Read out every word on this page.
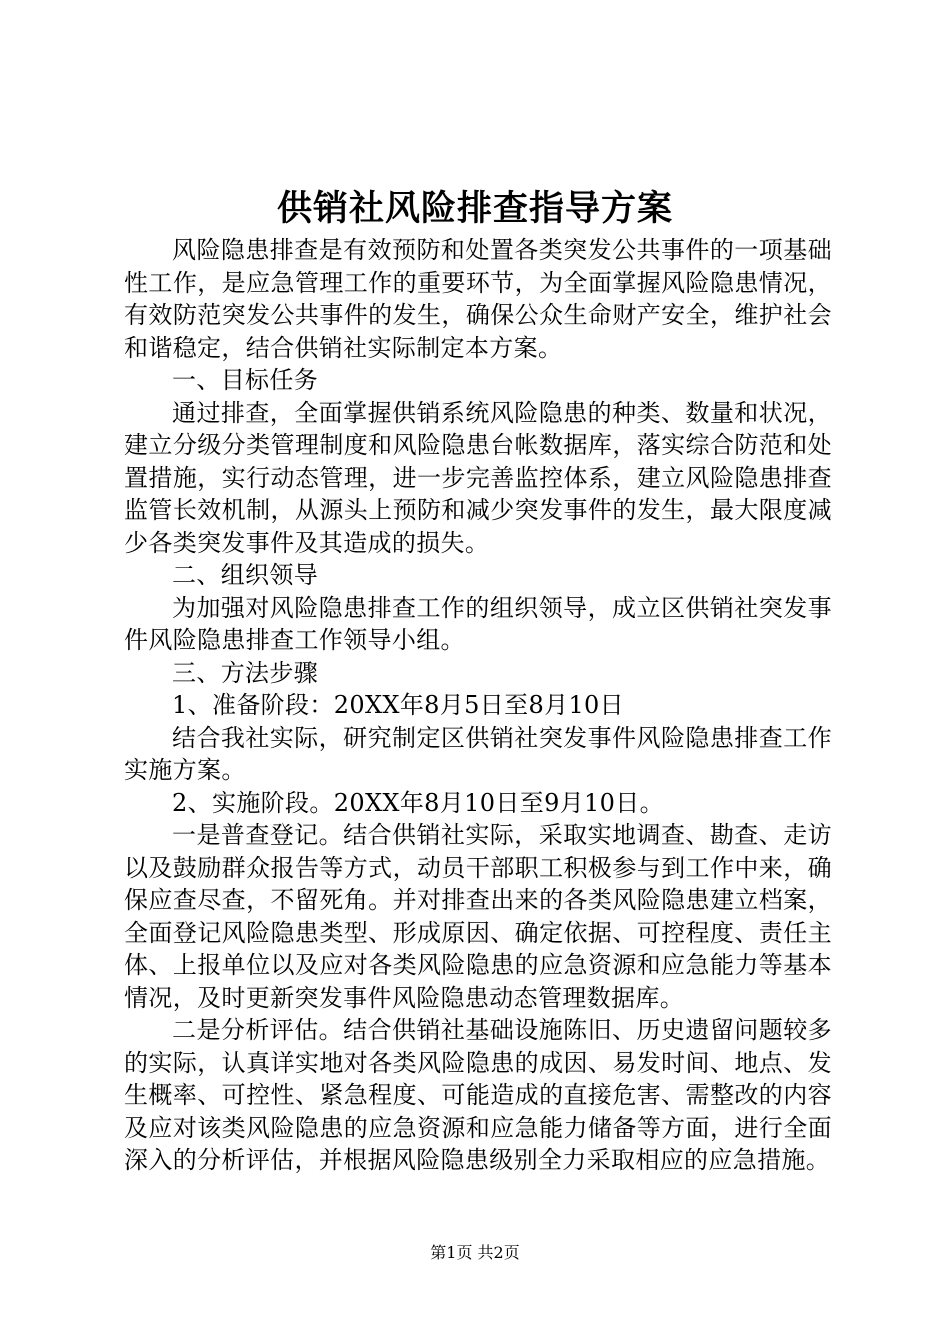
供销社风险排查指导方案

风险隐患排查是有效预防和处置各类突发公共事件的一项基础性工作，是应急管理工作的重要环节，为全面掌握风险隐患情况，有效防范突发公共事件的发生，确保公众生命财产安全，维护社会和谐稳定，结合供销社实际制定本方案。

一、目标任务

通过排查，全面掌握供销系统风险隐患的种类、数量和状况，建立分级分类管理制度和风险隐患台帐数据库，落实综合防范和处置措施，实行动态管理，进一步完善监控体系，建立风险隐患排查监管长效机制，从源头上预防和减少突发事件的发生，最大限度减少各类突发事件及其造成的损失。

二、组织领导

为加强对风险隐患排查工作的组织领导，成立区供销社突发事件风险隐患排查工作领导小组。

三、方法步骤

1、准备阶段：20XX年8月5日至8月10日

结合我社实际，研究制定区供销社突发事件风险隐患排查工作实施方案。

2、实施阶段。20XX年8月10日至9月10日。

一是普查登记。结合供销社实际，采取实地调查、勘查、走访以及鼓励群众报告等方式，动员干部职工积极参与到工作中来，确保应查尽查，不留死角。并对排查出来的各类风险隐患建立档案，全面登记风险隐患类型、形成原因、确定依据、可控程度、责任主体、上报单位以及应对各类风险隐患的应急资源和应急能力等基本情况，及时更新突发事件风险隐患动态管理数据库。

二是分析评估。结合供销社基础设施陈旧、历史遗留问题较多的实际，认真详实地对各类风险隐患的成因、易发时间、地点、发生概率、可控性、紧急程度、可能造成的直接危害、需整改的内容及应对该类风险隐患的应急资源和应急能力储备等方面，进行全面深入的分析评估，并根据风险隐患级别全力采取相应的应急措施。

第1页 共2页
